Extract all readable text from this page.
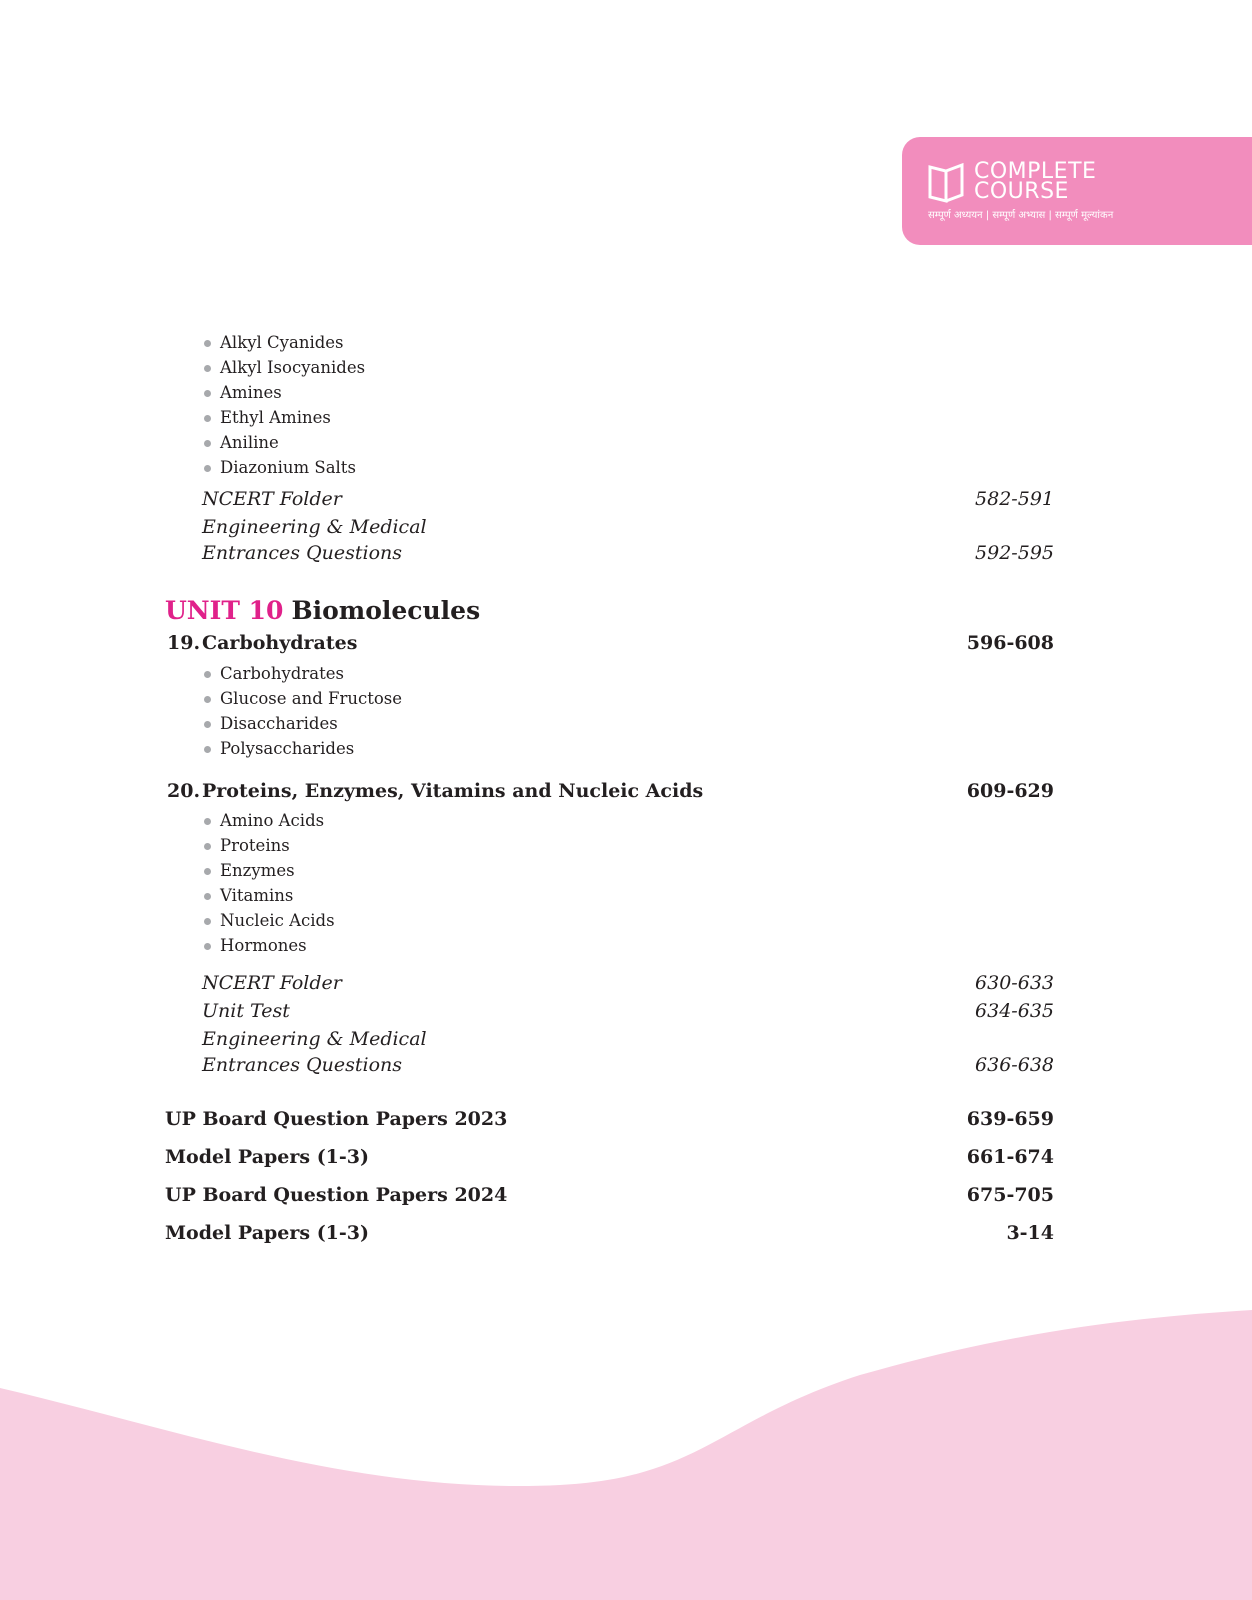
COMPLETE
COURSE
सम्पूर्ण अध्ययन | सम्पूर्ण अभ्यास | सम्पूर्ण मूल्यांकन
Alkyl Cyanides
Alkyl Isocyanides
Amines
Ethyl Amines
Aniline
Diazonium Salts
NCERT Folder	582-591
Engineering & Medical
Entrances Questions	592-595
UNIT 10 Biomolecules
19. Carbohydrates	596-608
Carbohydrates
Glucose and Fructose
Disaccharides
Polysaccharides
20. Proteins, Enzymes, Vitamins and Nucleic Acids	609-629
Amino Acids
Proteins
Enzymes
Vitamins
Nucleic Acids
Hormones
NCERT Folder	630-633
Unit Test	634-635
Engineering & Medical
Entrances Questions	636-638
UP Board Question Papers 2023	639-659
Model Papers (1-3)	661-674
UP Board Question Papers 2024	675-705
Model Papers (1-3)	3-14
